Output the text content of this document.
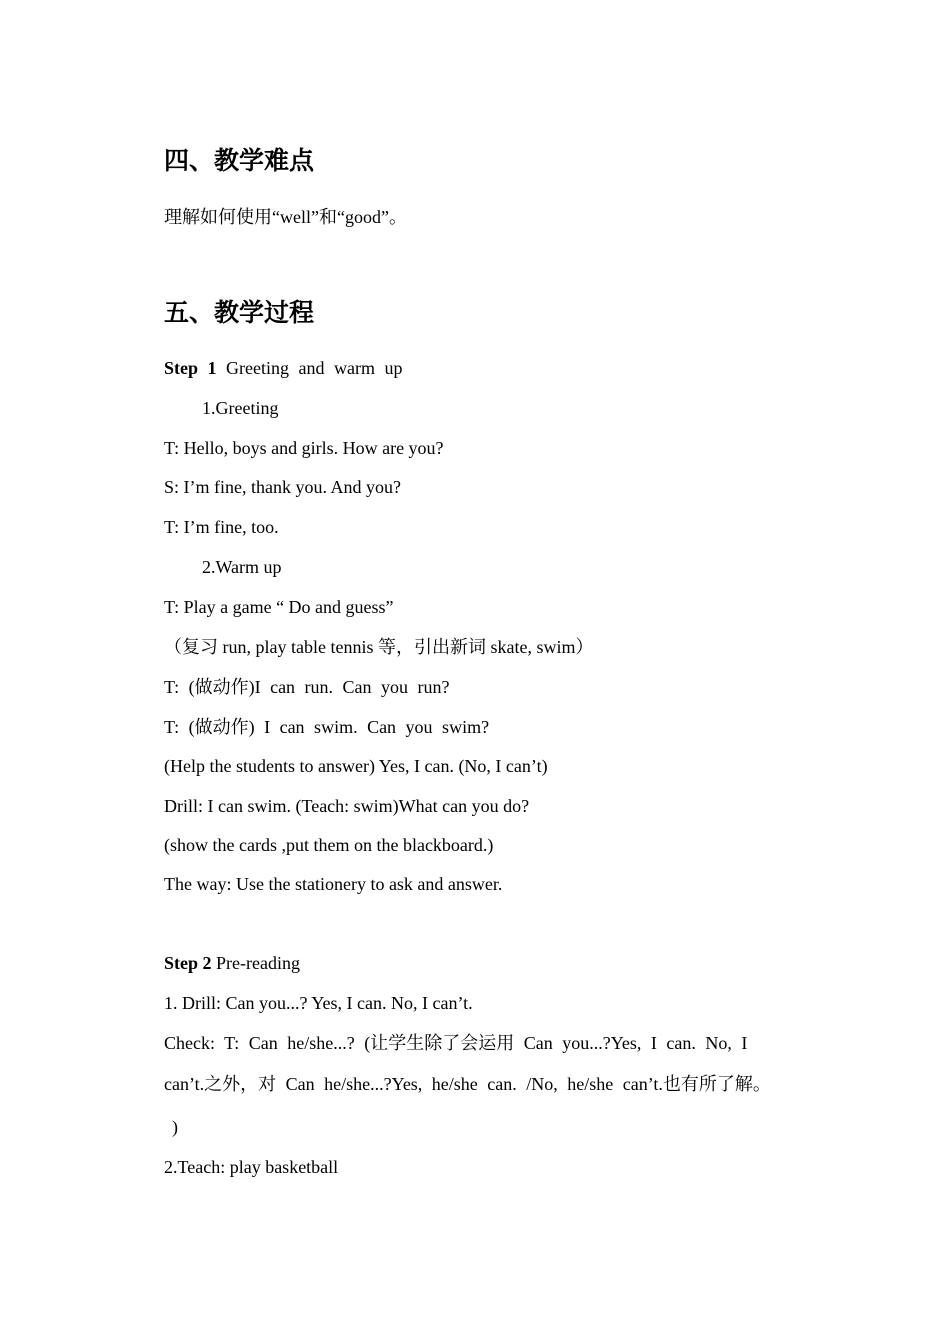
四、教学难点
理解如何使用“well”和“good”。
五、教学过程
Step 1 Greeting and warm up
1.Greeting
T: Hello, boys and girls. How are you?
S: I’m fine, thank you. And you?
T: I’m fine, too.
2.Warm up
T: Play a game “ Do and guess”
（复习 run, play table tennis 等，引出新词 skate, swim）
T: (做动作)I can run. Can you run?
T: (做动作) I can swim. Can you swim?
(Help the students to answer) Yes, I can. (No, I can’t)
Drill: I can swim. (Teach: swim)What can you do?
(show the cards ,put them on the blackboard.)
The way: Use the stationery to ask and answer.
Step 2 Pre-reading
1. Drill: Can you...? Yes, I can. No, I can’t.
Check: T: Can he/she...? (让学生除了会运用 Can you...?Yes, I can. No, I
can’t.之外，对 Can he/she...?Yes, he/she can. /No, he/she can’t.也有所了解。
)
2.Teach: play basketball
